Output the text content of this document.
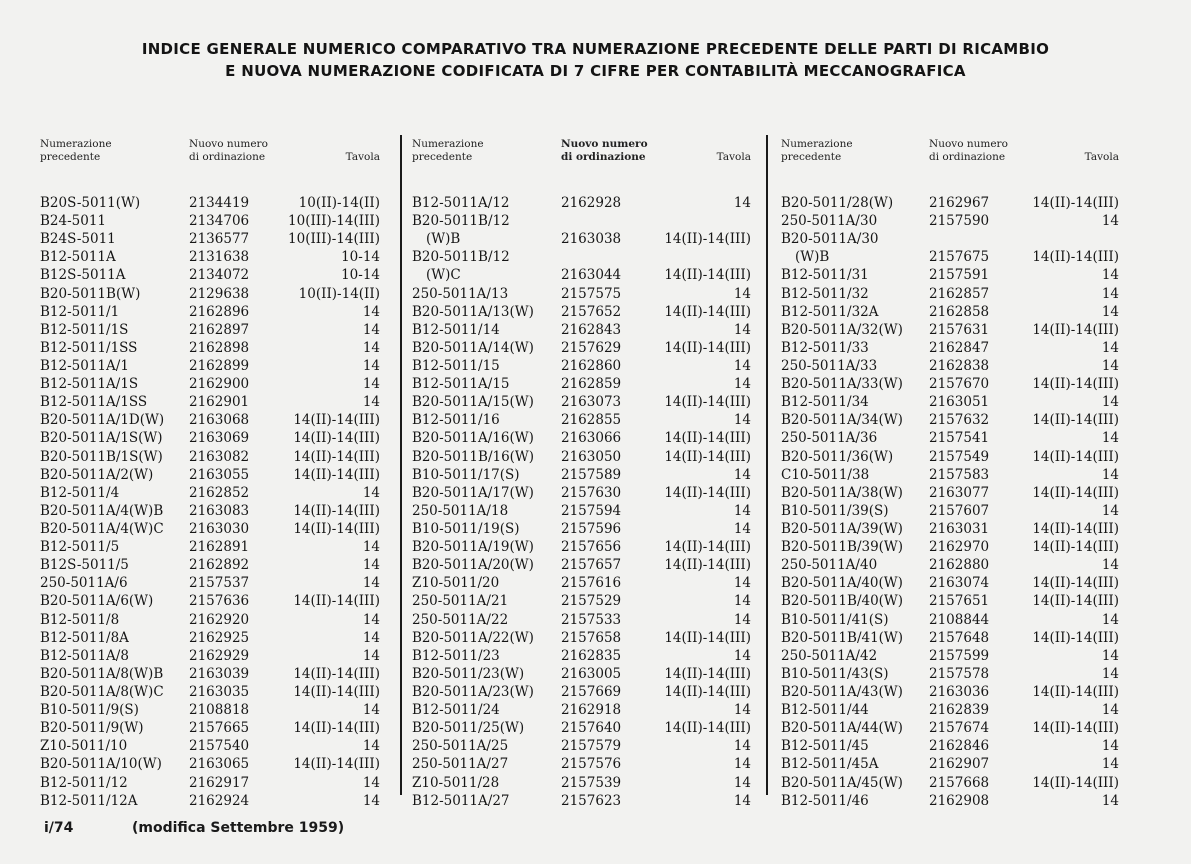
INDICE GENERALE NUMERICO COMPARATIVO TRA NUMERAZIONE PRECEDENTE DELLE PARTI DI RICAMBIO
E NUOVA NUMERAZIONE CODIFICATA DI 7 CIFRE PER CONTABILITÀ MECCANOGRAFICA
Numerazione
precedente
Nuovo numero
di ordinazione	Tavola
B20S-5011(W)	2134419	10(II)-14(II)
B24-5011	2134706	10(III)-14(III)
B24S-5011	2136577	10(III)-14(III)
B12-5011A	2131638	10-14
B12S-5011A	2134072	10-14
B20-5011B(W)	2129638	10(II)-14(II)
B12-5011/1	2162896	14
B12-5011/1S	2162897	14
B12-5011/1SS	2162898	14
B12-5011A/1	2162899	14
B12-5011A/1S	2162900	14
B12-5011A/1SS	2162901	14
B20-5011A/1D(W) 2163068	14(II)-14(III)
B20-5011A/1S(W) 2163069	14(II)-14(III)
B20-5011B/1S(W) 2163082	14(II)-14(III)
B20-5011A/2(W)	2163055	14(II)-14(III)
B12-5011/4	2162852	14
B20-5011A/4(W)B 2163083	14(II)-14(III)
B20-5011A/4(W)C 2163030	14(II)-14(III)
B12-5011/5	2162891	14
B12S-5011/5	2162892	14
250-5011A/6	2157537	14
B20-5011A/6(W)	2157636	14(II)-14(III)
B12-5011/8	2162920	14
B12-5011/8A	2162925	14
B12-5011A/8	2162929	14
B20-5011A/8(W)B 2163039	14(II)-14(III)
B20-5011A/8(W)C 2163035	14(II)-14(III)
B10-5011/9(S)	2108818	14
B20-5011/9(W)	2157665	14(II)-14(III)
Z10-5011/10	2157540	14
B20-5011A/10(W) 2163065	14(II)-14(III)
B12-5011/12	2162917	14
B12-5011/12A	2162924	14
Numerazione
precedente
Nuovo numero
di ordinazione	Tavola
B12-5011A/12	2162928	14
B20-5011B/12
(W)B	2163038	14(II)-14(III)
B20-5011B/12
(W)C	2163044	14(II)-14(III)
250-5011A/13	2157575	14
B20-5011A/13(W) 2157652	14(II)-14(III)
B12-5011/14	2162843	14
B20-5011A/14(W) 2157629	14(II)-14(III)
B12-5011/15	2162860	14
B12-5011A/15	2162859	14
B20-5011A/15(W) 2163073	14(II)-14(III)
B12-5011/16	2162855	14
B20-5011A/16(W) 2163066	14(II)-14(III)
B20-5011B/16(W) 2163050	14(II)-14(III)
B10-5011/17(S)	2157589	14
B20-5011A/17(W) 2157630	14(II)-14(III)
250-5011A/18	2157594	14
B10-5011/19(S)	2157596	14
B20-5011A/19(W) 2157656	14(II)-14(III)
B20-5011A/20(W) 2157657	14(II)-14(III)
Z10-5011/20	2157616	14
250-5011A/21	2157529	14
250-5011A/22	2157533	14
B20-5011A/22(W) 2157658	14(II)-14(III)
B12-5011/23	2162835	14
B20-5011/23(W)	2163005	14(II)-14(III)
B20-5011A/23(W) 2157669	14(II)-14(III)
B12-5011/24	2162918	14
B20-5011/25(W)	2157640	14(II)-14(III)
250-5011A/25	2157579	14
250-5011A/27	2157576	14
Z10-5011/28	2157539	14
B12-5011A/27	2157623	14
Numerazione
precedente
Nuovo numero
di ordinazione	Tavola
B20-5011/28(W)	2162967	14(II)-14(III)
250-5011A/30	2157590	14
B20-5011A/30
(W)B	2157675	14(II)-14(III)
B12-5011/31	2157591	14
B12-5011/32	2162857	14
B12-5011/32A	2162858	14
B20-5011A/32(W) 2157631	14(II)-14(III)
B12-5011/33	2162847	14
250-5011A/33	2162838	14
B20-5011A/33(W) 2157670	14(II)-14(III)
B12-5011/34	2163051	14
B20-5011A/34(W) 2157632	14(II)-14(III)
250-5011A/36	2157541	14
B20-5011/36(W)	2157549	14(II)-14(III)
C10-5011/38	2157583	14
B20-5011A/38(W) 2163077	14(II)-14(III)
B10-5011/39(S)	2157607	14
B20-5011A/39(W) 2163031	14(II)-14(III)
B20-5011B/39(W) 2162970	14(II)-14(III)
250-5011A/40	2162880	14
B20-5011A/40(W) 2163074	14(II)-14(III)
B20-5011B/40(W) 2157651	14(II)-14(III)
B10-5011/41(S)	2108844	14
B20-5011B/41(W) 2157648	14(II)-14(III)
250-5011A/42	2157599	14
B10-5011/43(S)	2157578	14
B20-5011A/43(W) 2163036	14(II)-14(III)
B12-5011/44	2162839	14
B20-5011A/44(W) 2157674	14(II)-14(III)
B12-5011/45	2162846	14
B12-5011/45A	2162907	14
B20-5011A/45(W) 2157668	14(II)-14(III)
B12-5011/46	2162908	14
i/74	(modifica Settembre 1959)
